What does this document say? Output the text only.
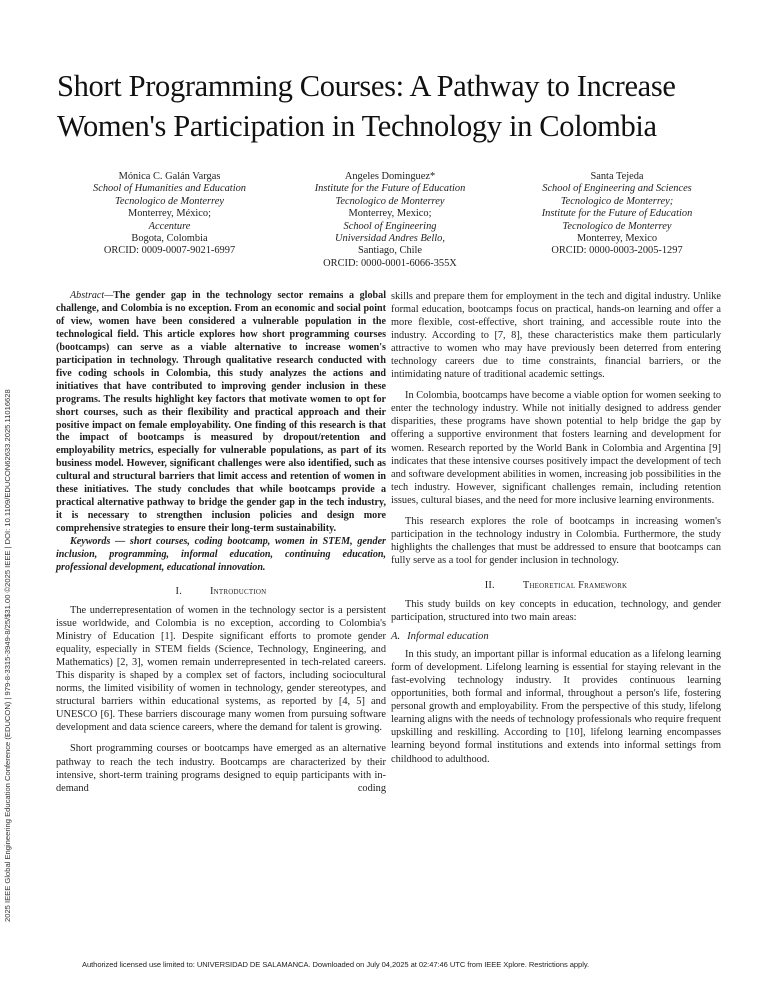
2025 IEEE Global Engineering Education Conference (EDUCON) | 979-8-3315-3949-8/25/$31.00 ©2025 IEEE | DOI: 10.1109/EDUCON62633.2025.11016628
Short Programming Courses: A Pathway to Increase
Women's Participation in Technology in Colombia
Mónica C. Galán Vargas
School of Humanities and Education
Tecnologico de Monterrey
Monterrey, México;
Accenture
Bogota, Colombia
ORCID: 0009-0007-9021-6997
Angeles Dominguez*
Institute for the Future of Education
Tecnologico de Monterrey
Monterrey, Mexico;
School of Engineering
Universidad Andres Bello,
Santiago, Chile
ORCID: 0000-0001-6066-355X
Santa Tejeda
School of Engineering and Sciences
Tecnologico de Monterrey;
Institute for the Future of Education
Tecnologico de Monterrey
Monterrey, Mexico
ORCID: 0000-0003-2005-1297

Abstract—The gender gap in the technology sector remains a global challenge, and Colombia is no exception. From an economic and social point of view, women have been considered a vulnerable population in the technological field. This article explores how short programming courses (bootcamps) can serve as a viable alternative to increase women's participation in technology. Through qualitative research conducted with five coding schools in Colombia, this study analyzes the actions and initiatives that have contributed to improving gender inclusion in these programs. The results highlight key factors that motivate women to opt for short courses, such as their flexibility and practical approach and their positive impact on female employability. One finding of this research is that the impact of bootcamps is measured by dropout/retention and employability metrics, especially for vulnerable populations, as part of its business model. However, significant challenges were also identified, such as cultural and structural barriers that limit access and retention of women in these initiatives. The study concludes that while bootcamps provide a practical alternative pathway to bridge the gender gap in the tech industry, it is necessary to strengthen inclusion policies and design more comprehensive strategies to ensure their long-term sustainability.

Keywords — short courses, coding bootcamp, women in STEM, gender inclusion, programming, informal education, continuing education, professional development, educational innovation.

I.	Introduction

The underrepresentation of women in the technology sector is a persistent issue worldwide, and Colombia is no exception, according to Colombia's Ministry of Education [1]. Despite significant efforts to promote gender equality, especially in STEM fields (Science, Technology, Engineering, and Mathematics) [2, 3], women remain underrepresented in tech-related careers. This disparity is shaped by a complex set of factors, including sociocultural norms, the limited visibility of women in technology, gender stereotypes, and structural barriers within educational systems, as reported by [4, 5] and UNESCO [6]. These barriers discourage many women from pursuing software development and data science careers, where the demand for talent is growing.

Short programming courses or bootcamps have emerged as an alternative pathway to reach the tech industry. Bootcamps are characterized by their intensive, short-term training programs designed to equip participants with in-demand coding

skills and prepare them for employment in the tech and digital industry. Unlike formal education, bootcamps focus on practical, hands-on learning and offer a more flexible, cost-effective, short training, and accessible route into the industry. According to [7, 8], these characteristics make them particularly attractive to women who may have previously been deterred from entering technology careers due to time constraints, financial barriers, or the intimidating nature of traditional academic settings.

In Colombia, bootcamps have become a viable option for women seeking to enter the technology industry. While not initially designed to address gender disparities, these programs have shown potential to help bridge the gap by offering a supportive environment that fosters learning and development for women. Research reported by the World Bank in Colombia and Argentina [9] indicates that these intensive courses positively impact the development of tech and software development abilities in women, increasing job possibilities in the tech industry. However, significant challenges remain, including retention issues, cultural biases, and the need for more inclusive learning environments.

This research explores the role of bootcamps in increasing women's participation in the technology industry in Colombia. Furthermore, the study highlights the challenges that must be addressed to ensure that bootcamps can fully serve as a tool for gender inclusion in technology.

II.	Theoretical Framework

This study builds on key concepts in education, technology, and gender participation, structured into two main areas:

A. Informal education

In this study, an important pillar is informal education as a lifelong learning form of development. Lifelong learning is essential for staying relevant in the fast-evolving technology industry. It provides continuous learning opportunities, both formal and informal, throughout a person's life, fostering personal growth and employability. From the perspective of this study, lifelong learning aligns with the needs of technology professionals who require frequent upskilling and reskilling. According to [10], lifelong learning encompasses learning beyond formal institutions and extends into informal settings from childhood to adulthood.

Authorized licensed use limited to: UNIVERSIDAD DE SALAMANCA. Downloaded on July 04,2025 at 02:47:46 UTC from IEEE Xplore. Restrictions apply.
